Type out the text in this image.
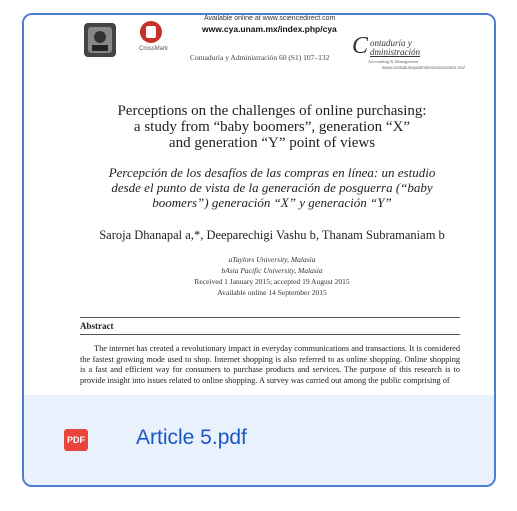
CrossMark
Available online at www.sciencedirect.com
www.cya.unam.mx/index.php/cya
Contaduría y Administración 60 (S1) 107–132 C ontaduría y
dministración
Accounting & Management
www.contaduriayadministracionunam.mx/
Perceptions on the challenges of online purchasing:
a study from “baby boomers”, generation “X”
and generation “Y” point of views
Percepción de los desafíos de las compras en línea: un estudio
desde el punto de vista de la generación de posguerra (“baby
boomers”) generación “X” y generación “Y”
Saroja Dhanapal a,*, Deeparechigi Vashu b, Thanam Subramaniam b
aTaylors University, Malasia
bAsia Pacific University, Malasia
Received 1 January 2015; accepted 19 August 2015
Available online 14 September 2015
Abstract
The internet has created a revolutionary impact in everyday communications and transactions. It is considered the fastest growing mode used to shop. Internet shopping is also referred to as online shopping. Online shopping is a fast and efficient way for consumers to purchase products and services. The purpose of this research is to provide insight into issues related to online shopping. A survey was carried out among the public comprising of
PDF Article 5.pdf
